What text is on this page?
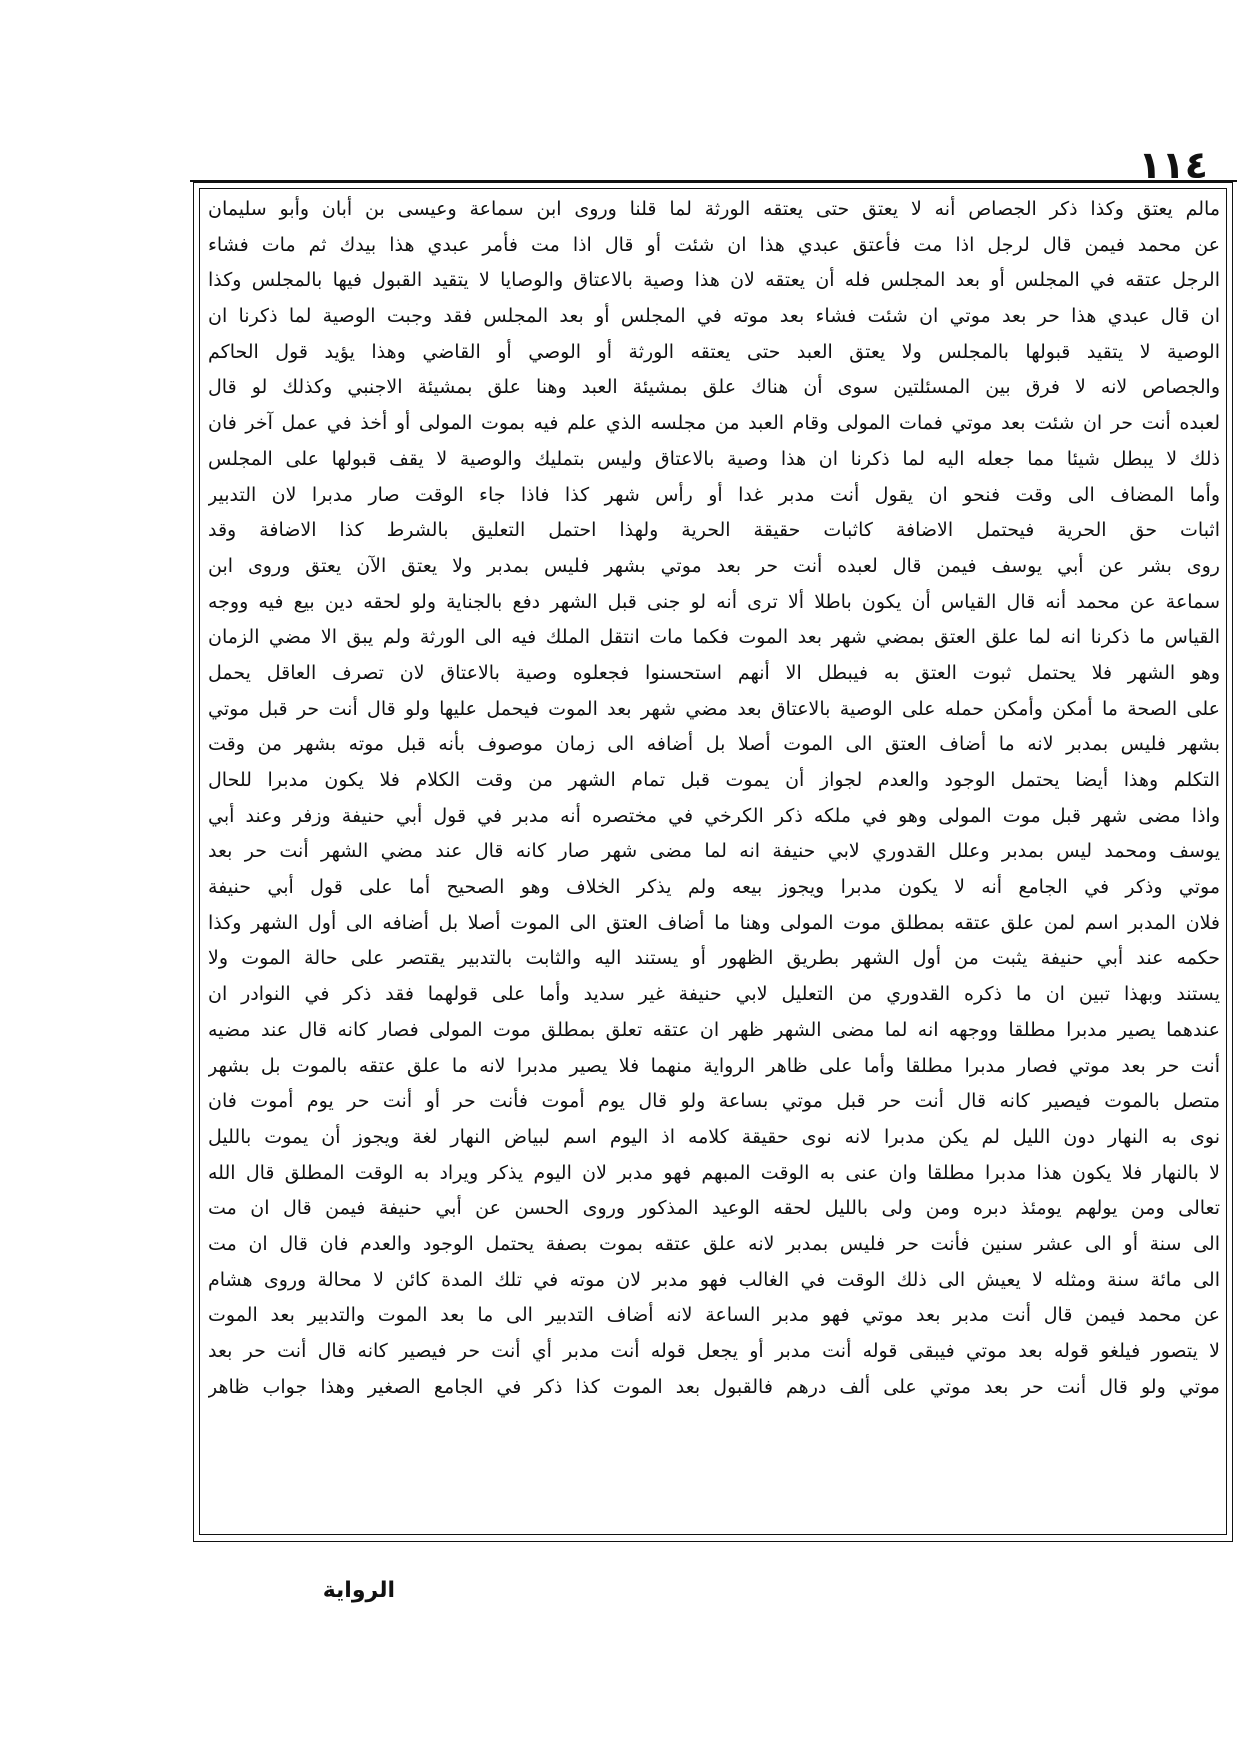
١١٤
مالم يعتق وكذا ذكر الجصاص أنه لا يعتق حتى يعتقه الورثة لما قلنا وروى ابن سماعة وعيسى بن أبان وأبو سليمان
عن محمد فيمن قال لرجل اذا مت فأعتق عبدي هذا ان شئت أو قال اذا مت فأمر عبدي هذا بيدك ثم مات فشاء
الرجل عتقه في المجلس أو بعد المجلس فله أن يعتقه لان هذا وصية بالاعتاق والوصايا لا يتقيد القبول فيها بالمجلس وكذا
ان قال عبدي هذا حر بعد موتي ان شئت فشاء بعد موته في المجلس أو بعد المجلس فقد وجبت الوصية لما ذكرنا ان
الوصية لا يتقيد قبولها بالمجلس ولا يعتق العبد حتى يعتقه الورثة أو الوصي أو القاضي وهذا يؤيد قول الحاكم
والجصاص لانه لا فرق بين المسئلتين سوى أن هناك علق بمشيئة العبد وهنا علق بمشيئة الاجنبي وكذلك لو قال
لعبده أنت حر ان شئت بعد موتي فمات المولى وقام العبد من مجلسه الذي علم فيه بموت المولى أو أخذ في عمل آخر فان
ذلك لا يبطل شيئا مما جعله اليه لما ذكرنا ان هذا وصية بالاعتاق وليس بتمليك والوصية لا يقف قبولها على المجلس
وأما المضاف الى وقت فنحو ان يقول أنت مدبر غدا أو رأس شهر كذا فاذا جاء الوقت صار مدبرا لان التدبير
اثبات حق الحرية فيحتمل الاضافة كاثبات حقيقة الحرية ولهذا احتمل التعليق بالشرط كذا الاضافة وقد
روى بشر عن أبي يوسف فيمن قال لعبده أنت حر بعد موتي بشهر فليس بمدبر ولا يعتق الآن يعتق وروى ابن
سماعة عن محمد أنه قال القياس أن يكون باطلا ألا ترى أنه لو جنى قبل الشهر دفع بالجناية ولو لحقه دين بيع فيه ووجه
القياس ما ذكرنا انه لما علق العتق بمضي شهر بعد الموت فكما مات انتقل الملك فيه الى الورثة ولم يبق الا مضي الزمان
وهو الشهر فلا يحتمل ثبوت العتق به فيبطل الا أنهم استحسنوا فجعلوه وصية بالاعتاق لان تصرف العاقل يحمل
على الصحة ما أمكن وأمكن حمله على الوصية بالاعتاق بعد مضي شهر بعد الموت فيحمل عليها ولو قال أنت حر قبل موتي
بشهر فليس بمدبر لانه ما أضاف العتق الى الموت أصلا بل أضافه الى زمان موصوف بأنه قبل موته بشهر من وقت
التكلم وهذا أيضا يحتمل الوجود والعدم لجواز أن يموت قبل تمام الشهر من وقت الكلام فلا يكون مدبرا للحال
واذا مضى شهر قبل موت المولى وهو في ملكه ذكر الكرخي في مختصره أنه مدبر في قول أبي حنيفة وزفر وعند أبي
يوسف ومحمد ليس بمدبر وعلل القدوري لابي حنيفة انه لما مضى شهر صار كانه قال عند مضي الشهر أنت حر بعد
موتي وذكر في الجامع أنه لا يكون مدبرا ويجوز بيعه ولم يذكر الخلاف وهو الصحيح أما على قول أبي حنيفة
فلان المدبر اسم لمن علق عتقه بمطلق موت المولى وهنا ما أضاف العتق الى الموت أصلا بل أضافه الى أول الشهر وكذا
حكمه عند أبي حنيفة يثبت من أول الشهر بطريق الظهور أو يستند اليه والثابت بالتدبير يقتصر على حالة الموت ولا
يستند وبهذا تبين ان ما ذكره القدوري من التعليل لابي حنيفة غير سديد وأما على قولهما فقد ذكر في النوادر ان
عندهما يصير مدبرا مطلقا ووجهه انه لما مضى الشهر ظهر ان عتقه تعلق بمطلق موت المولى فصار كانه قال عند مضيه
أنت حر بعد موتي فصار مدبرا مطلقا وأما على ظاهر الرواية منهما فلا يصير مدبرا لانه ما علق عتقه بالموت بل بشهر
متصل بالموت فيصير كانه قال أنت حر قبل موتي بساعة ولو قال يوم أموت فأنت حر أو أنت حر يوم أموت فان
نوى به النهار دون الليل لم يكن مدبرا لانه نوى حقيقة كلامه اذ اليوم اسم لبياض النهار لغة ويجوز أن يموت بالليل
لا بالنهار فلا يكون هذا مدبرا مطلقا وان عنى به الوقت المبهم فهو مدبر لان اليوم يذكر ويراد به الوقت المطلق قال الله
تعالى ومن يولهم يومئذ دبره ومن ولى بالليل لحقه الوعيد المذكور وروى الحسن عن أبي حنيفة فيمن قال ان مت
الى سنة أو الى عشر سنين فأنت حر فليس بمدبر لانه علق عتقه بموت بصفة يحتمل الوجود والعدم فان قال ان مت
الى مائة سنة ومثله لا يعيش الى ذلك الوقت في الغالب فهو مدبر لان موته في تلك المدة كائن لا محالة وروى هشام
عن محمد فيمن قال أنت مدبر بعد موتي فهو مدبر الساعة لانه أضاف التدبير الى ما بعد الموت والتدبير بعد الموت
لا يتصور فيلغو قوله بعد موتي فيبقى قوله أنت مدبر أو يجعل قوله أنت مدبر أي أنت حر فيصير كانه قال أنت حر بعد
موتي ولو قال أنت حر بعد موتي على ألف درهم فالقبول بعد الموت كذا ذكر في الجامع الصغير وهذا جواب ظاهر
الرواية
